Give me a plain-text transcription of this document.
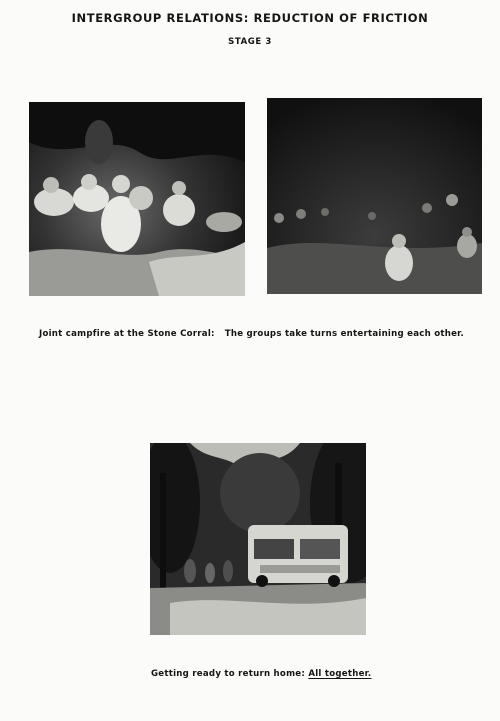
INTERGROUP RELATIONS: REDUCTION OF FRICTION
STAGE 3
Joint campfire at the Stone Corral: The groups take turns entertaining each other.
Getting ready to return home: All together.
